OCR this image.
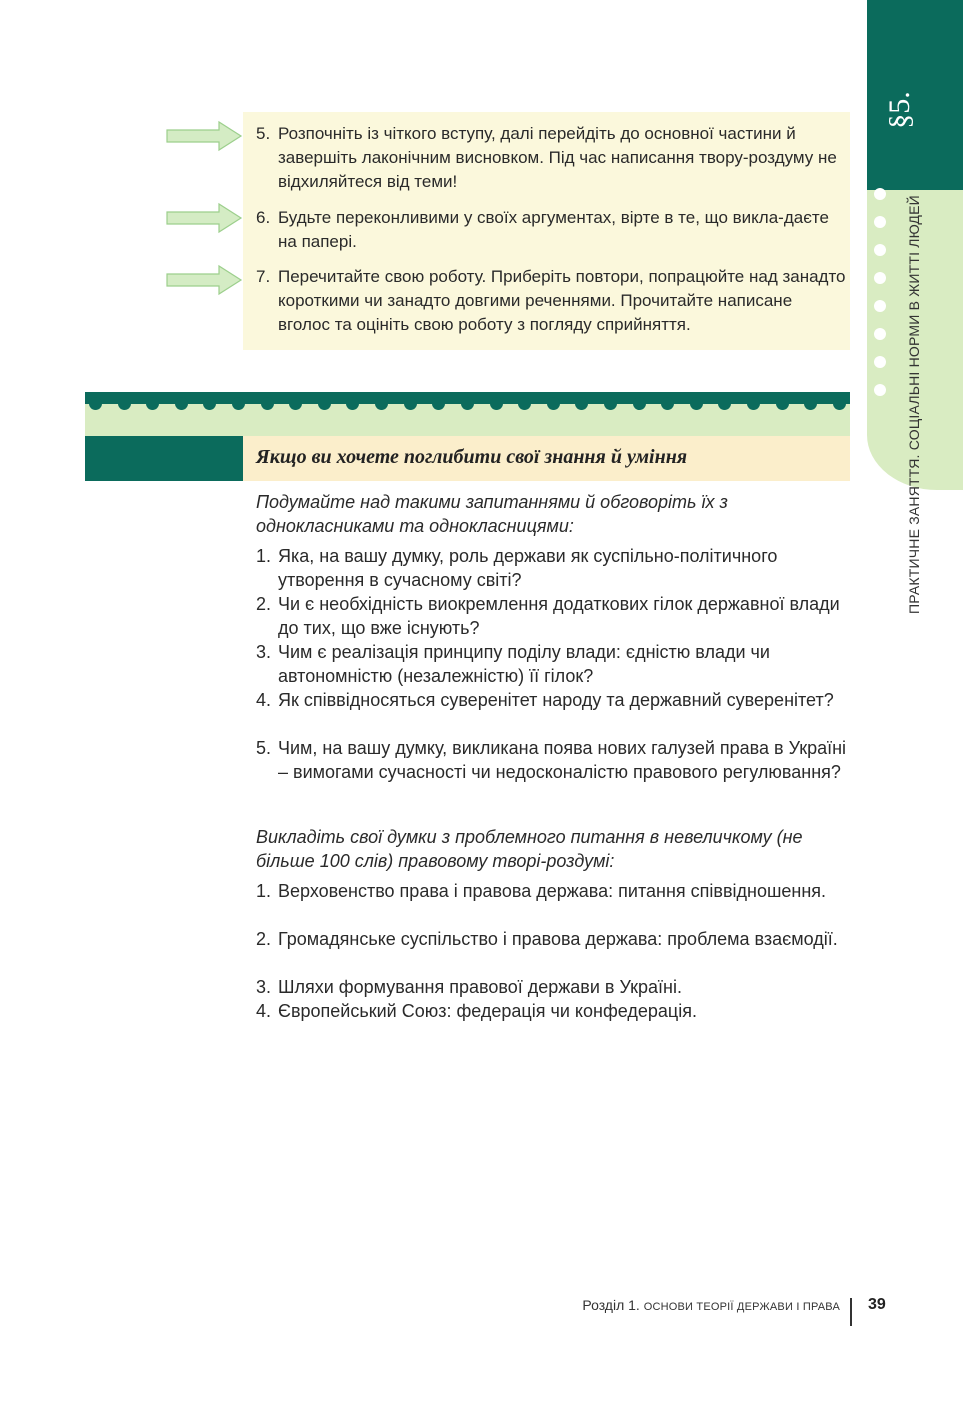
§5.
ПРАКТИЧНЕ ЗАНЯТТЯ. СОЦІАЛЬНІ НОРМИ В ЖИТТІ ЛЮДЕЙ
5. Розпочніть із чіткого вступу, далі перейдіть до основної частини й завершіть лаконічним висновком. Під час написання твору-роздуму не відхиляйтеся від теми!
6. Будьте переконливими у своїх аргументах, вірте в те, що викла-даєте на папері.
7. Перечитайте свою роботу. Приберіть повтори, попрацюйте над занадто короткими чи занадто довгими реченнями. Прочитайте написане вголос та оцініть свою роботу з погляду сприйняття.
Якщо ви хочете поглибити свої знання й уміння
Подумайте над такими запитаннями й обговоріть їх з однокласниками та однокласницями:
1. Яка, на вашу думку, роль держави як суспільно-політичного утворення в сучасному світі?
2. Чи є необхідність виокремлення додаткових гілок державної влади до тих, що вже існують?
3. Чим є реалізація принципу поділу влади: єдністю влади чи автономністю (незалежністю) її гілок?
4. Як співвідносяться суверенітет народу та державний суверенітет?
5. Чим, на вашу думку, викликана поява нових галузей права в Україні – вимогами сучасності чи недосконалістю правового регулювання?
Викладіть свої думки з проблемного питання в невеличкому (не більше 100 слів) правовому творі-роздумі:
1. Верховенство права і правова держава: питання співвідношення.
2. Громадянське суспільство і правова держава: проблема взаємодії.
3. Шляхи формування правової держави в Україні.
4. Європейський Союз: федерація чи конфедерація.
Розділ 1. ОСНОВИ ТЕОРІЇ ДЕРЖАВИ І ПРАВА 39
